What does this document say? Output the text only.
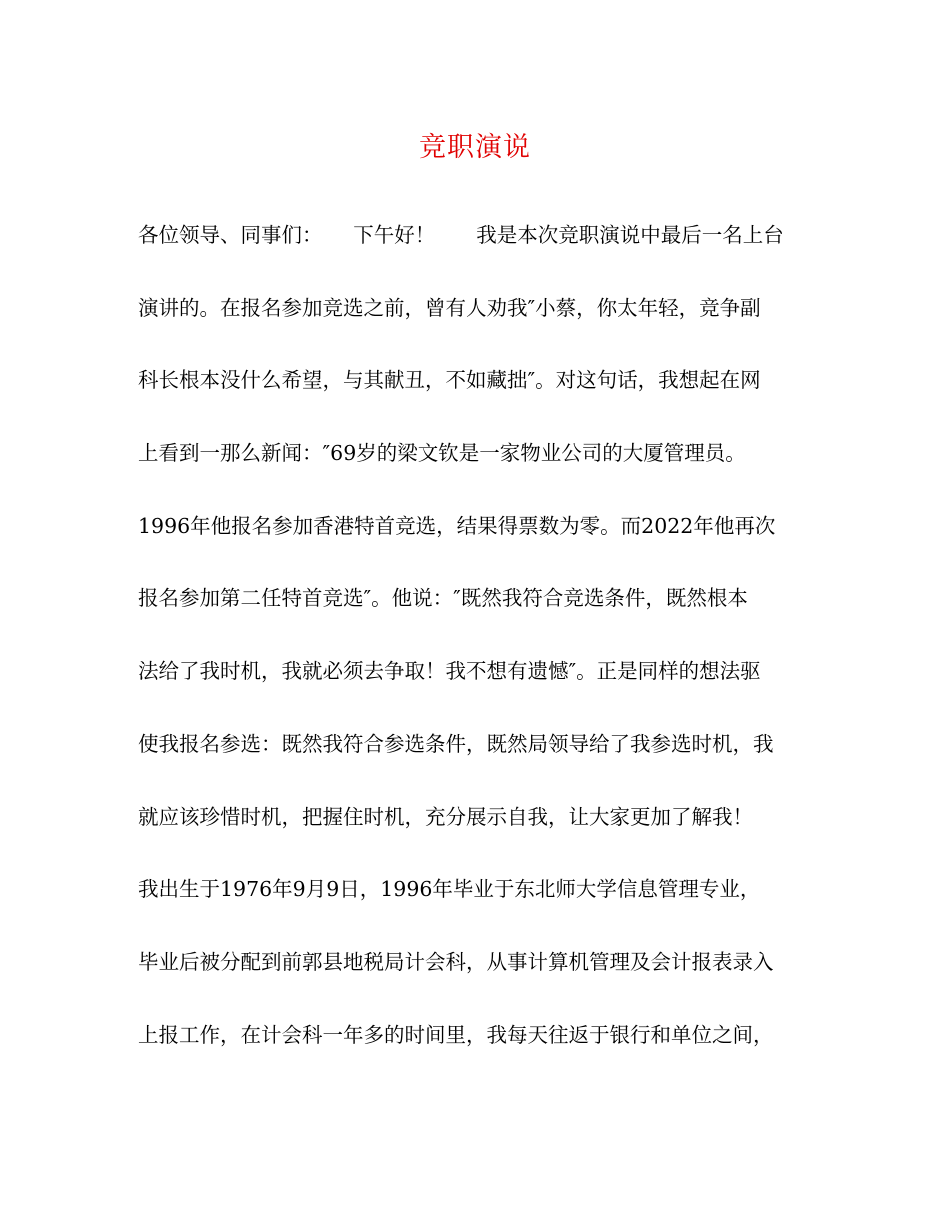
竞职演说
各位领导、同事们：　　下午好！　　我是本次竞职演说中最后一名上台
演讲的。在报名参加竞选之前，曾有人劝我″小蔡，你太年轻，竞争副
科长根本没什么希望，与其献丑，不如藏拙″。对这句话，我想起在网
上看到一那么新闻：″69岁的梁文钦是一家物业公司的大厦管理员。
1996年他报名参加香港特首竞选，结果得票数为零。而2022年他再次
报名参加第二任特首竞选″。他说：″既然我符合竞选条件，既然根本
法给了我时机，我就必须去争取！我不想有遗憾″。正是同样的想法驱
使我报名参选：既然我符合参选条件，既然局领导给了我参选时机，我
就应该珍惜时机，把握住时机，充分展示自我，让大家更加了解我！
我出生于1976年9月9日，1996年毕业于东北师大学信息管理专业，
毕业后被分配到前郭县地税局计会科，从事计算机管理及会计报表录入
上报工作，在计会科一年多的时间里，我每天往返于银行和单位之间，
